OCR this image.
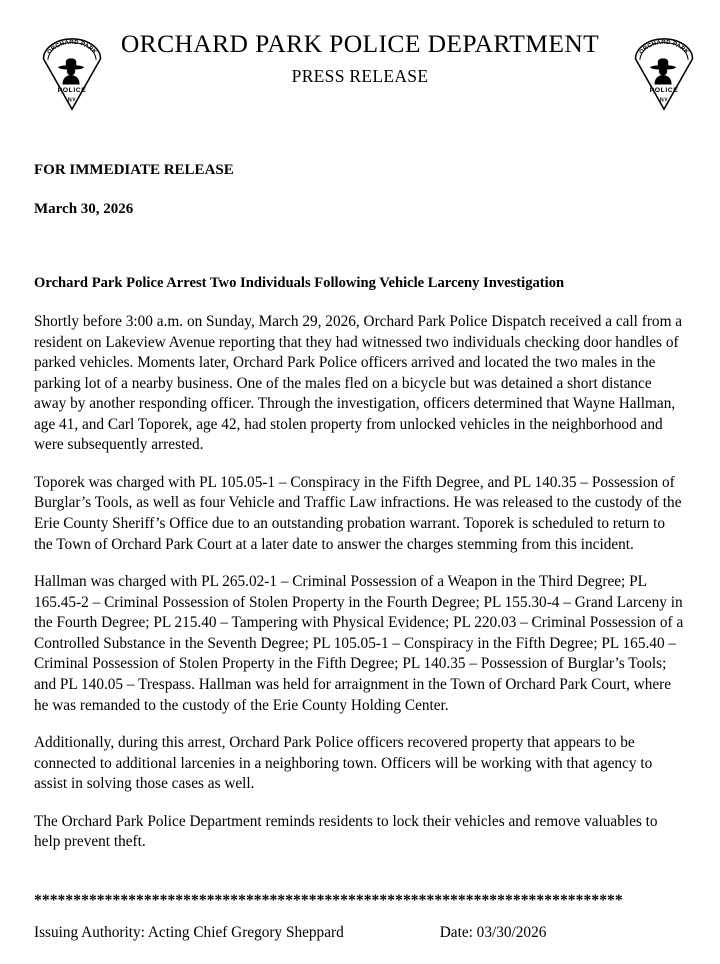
ORCHARD PARK
POLICE
NY
ORCHARD PARK POLICE DEPARTMENT
PRESS RELEASE
ORCHARD PARK
POLICE
NY
FOR IMMEDIATE RELEASE
March 30, 2026
Orchard Park Police Arrest Two Individuals Following Vehicle Larceny Investigation

Shortly before 3:00 a.m. on Sunday, March 29, 2026, Orchard Park Police Dispatch received a call from a resident on Lakeview Avenue reporting that they had witnessed two individuals checking door handles of parked vehicles. Moments later, Orchard Park Police officers arrived and located the two males in the parking lot of a nearby business. One of the males fled on a bicycle but was detained a short distance away by another responding officer. Through the investigation, officers determined that Wayne Hallman, age 41, and Carl Toporek, age 42, had stolen property from unlocked vehicles in the neighborhood and were subsequently arrested.

Toporek was charged with PL 105.05-1 – Conspiracy in the Fifth Degree, and PL 140.35 – Possession of Burglar’s Tools, as well as four Vehicle and Traffic Law infractions. He was released to the custody of the Erie County Sheriff’s Office due to an outstanding probation warrant. Toporek is scheduled to return to the Town of Orchard Park Court at a later date to answer the charges stemming from this incident.

Hallman was charged with PL 265.02-1 – Criminal Possession of a Weapon in the Third Degree; PL 165.45-2 – Criminal Possession of Stolen Property in the Fourth Degree; PL 155.30-4 – Grand Larceny in the Fourth Degree; PL 215.40 – Tampering with Physical Evidence; PL 220.03 – Criminal Possession of a Controlled Substance in the Seventh Degree; PL 105.05-1 – Conspiracy in the Fifth Degree; PL 165.40 – Criminal Possession of Stolen Property in the Fifth Degree; PL 140.35 – Possession of Burglar’s Tools; and PL 140.05 – Trespass. Hallman was held for arraignment in the Town of Orchard Park Court, where he was remanded to the custody of the Erie County Holding Center.

Additionally, during this arrest, Orchard Park Police officers recovered property that appears to be connected to additional larcenies in a neighboring town. Officers will be working with that agency to assist in solving those cases as well.

The Orchard Park Police Department reminds residents to lock their vehicles and remove valuables to help prevent theft.

***************************************************************************
Issuing Authority: Acting Chief Gregory Sheppard	Date: 03/30/2026
